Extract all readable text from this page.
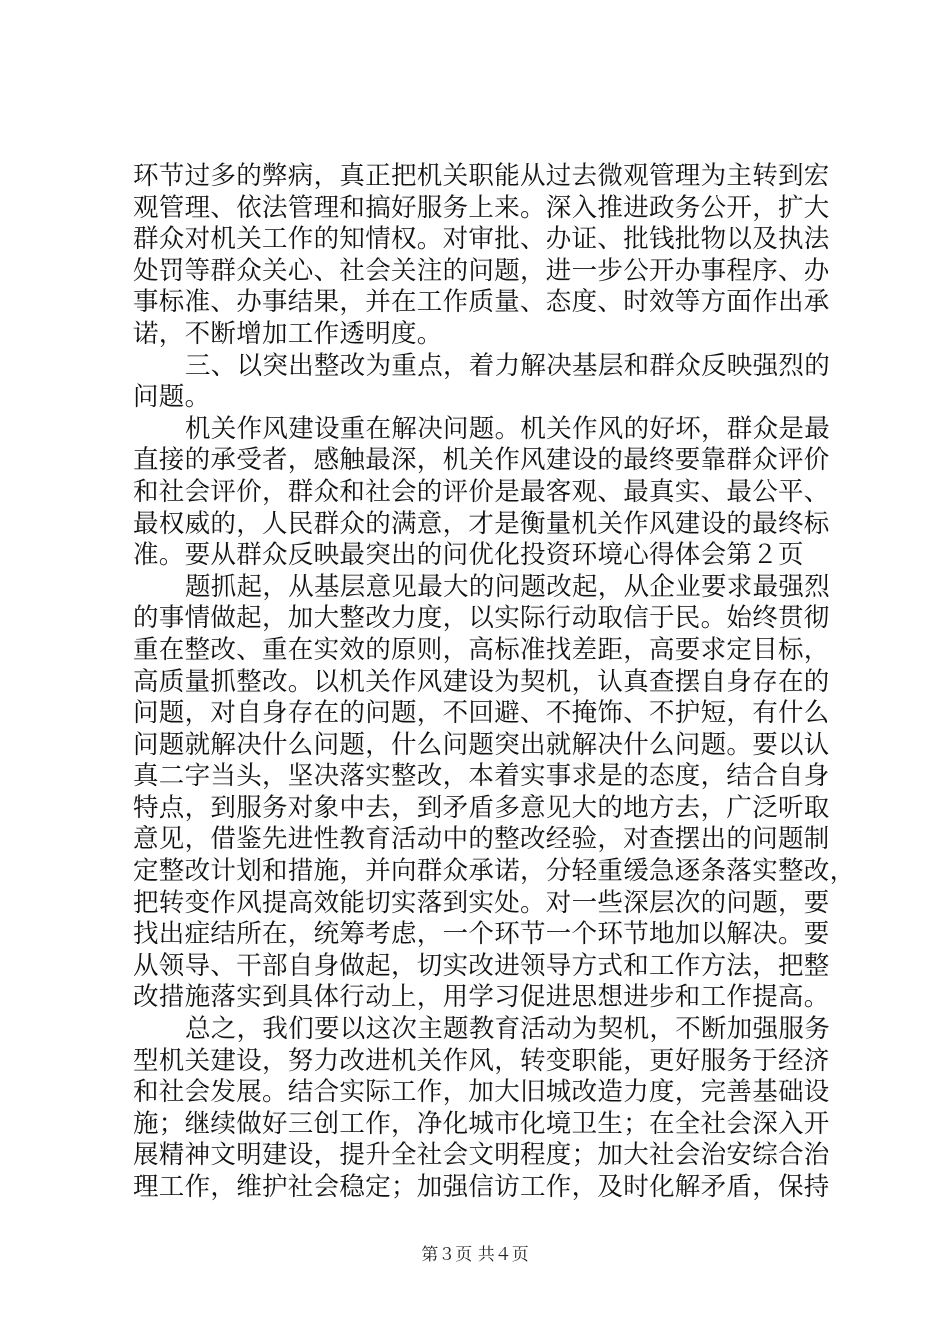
环节过多的弊病，真正把机关职能从过去微观管理为主转到宏
观管理、依法管理和搞好服务上来。深入推进政务公开，扩大
群众对机关工作的知情权。对审批、办证、批钱批物以及执法
处罚等群众关心、社会关注的问题，进一步公开办事程序、办
事标准、办事结果，并在工作质量、态度、时效等方面作出承
诺，不断增加工作透明度。
三、以突出整改为重点，着力解决基层和群众反映强烈的
问题。
机关作风建设重在解决问题。机关作风的好坏，群众是最
直接的承受者，感触最深，机关作风建设的最终要靠群众评价
和社会评价，群众和社会的评价是最客观、最真实、最公平、
最权威的，人民群众的满意，才是衡量机关作风建设的最终标
准。要从群众反映最突出的问优化投资环境心得体会第２页
题抓起，从基层意见最大的问题改起，从企业要求最强烈
的事情做起，加大整改力度，以实际行动取信于民。始终贯彻
重在整改、重在实效的原则，高标准找差距，高要求定目标，
高质量抓整改。以机关作风建设为契机，认真查摆自身存在的
问题，对自身存在的问题，不回避、不掩饰、不护短，有什么
问题就解决什么问题，什么问题突出就解决什么问题。要以认
真二字当头，坚决落实整改，本着实事求是的态度，结合自身
特点，到服务对象中去，到矛盾多意见大的地方去，广泛听取
意见，借鉴先进性教育活动中的整改经验，对查摆出的问题制
定整改计划和措施，并向群众承诺，分轻重缓急逐条落实整改，
把转变作风提高效能切实落到实处。对一些深层次的问题，要
找出症结所在，统筹考虑，一个环节一个环节地加以解决。要
从领导、干部自身做起，切实改进领导方式和工作方法，把整
改措施落实到具体行动上，用学习促进思想进步和工作提高。
总之，我们要以这次主题教育活动为契机，不断加强服务
型机关建设，努力改进机关作风，转变职能，更好服务于经济
和社会发展。结合实际工作，加大旧城改造力度，完善基础设
施；继续做好三创工作，净化城市化境卫生；在全社会深入开
展精神文明建设，提升全社会文明程度；加大社会治安综合治
理工作，维护社会稳定；加强信访工作，及时化解矛盾，保持
第３页 共４页
